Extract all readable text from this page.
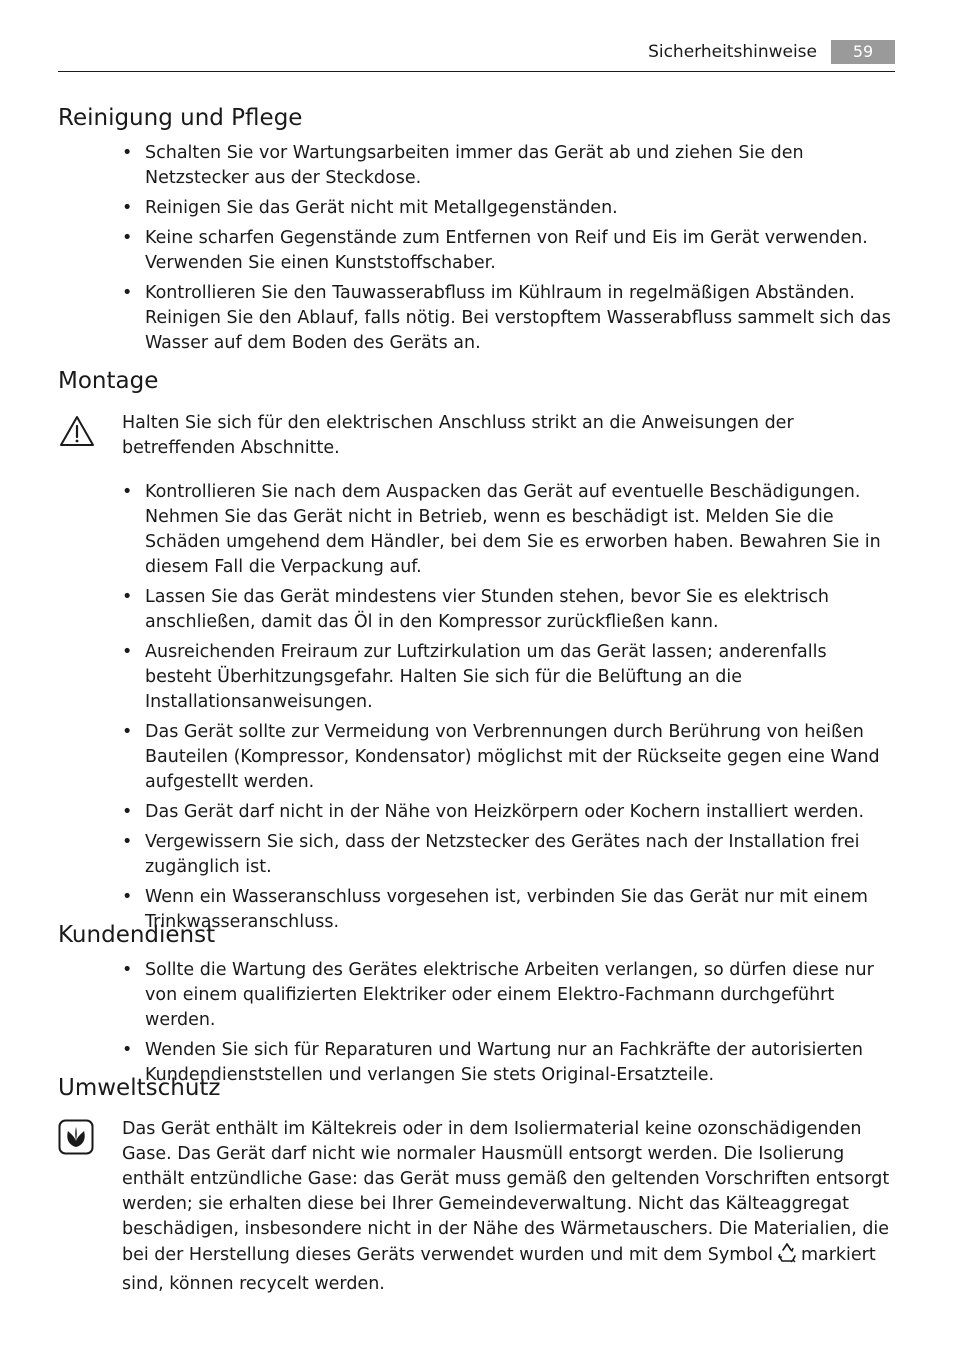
Sicherheitshinweise	59
Reinigung und Pflege
• Schalten Sie vor Wartungsarbeiten immer das Gerät ab und ziehen Sie den Netzstecker aus der Steckdose.
• Reinigen Sie das Gerät nicht mit Metallgegenständen.
• Keine scharfen Gegenstände zum Entfernen von Reif und Eis im Gerät verwenden. Verwenden Sie einen Kunststoffschaber.
• Kontrollieren Sie den Tauwasserabfluss im Kühlraum in regelmäßigen Abständen. Reinigen Sie den Ablauf, falls nötig. Bei verstopftem Wasserabfluss sammelt sich das Wasser auf dem Boden des Geräts an.
Montage
Halten Sie sich für den elektrischen Anschluss strikt an die Anweisungen der betreffenden Abschnitte.
• Kontrollieren Sie nach dem Auspacken das Gerät auf eventuelle Beschädigungen. Nehmen Sie das Gerät nicht in Betrieb, wenn es beschädigt ist. Melden Sie die Schäden umgehend dem Händler, bei dem Sie es erworben haben. Bewahren Sie in diesem Fall die Verpackung auf.
• Lassen Sie das Gerät mindestens vier Stunden stehen, bevor Sie es elektrisch anschließen, damit das Öl in den Kompressor zurückfließen kann.
• Ausreichenden Freiraum zur Luftzirkulation um das Gerät lassen; anderenfalls besteht Überhitzungsgefahr. Halten Sie sich für die Belüftung an die Installationsanweisungen.
• Das Gerät sollte zur Vermeidung von Verbrennungen durch Berührung von heißen Bauteilen (Kompressor, Kondensator) möglichst mit der Rückseite gegen eine Wand aufgestellt werden.
• Das Gerät darf nicht in der Nähe von Heizkörpern oder Kochern installiert werden.
• Vergewissern Sie sich, dass der Netzstecker des Gerätes nach der Installation frei zugänglich ist.
• Wenn ein Wasseranschluss vorgesehen ist, verbinden Sie das Gerät nur mit einem Trinkwasseranschluss.
Kundendienst
• Sollte die Wartung des Gerätes elektrische Arbeiten verlangen, so dürfen diese nur von einem qualifizierten Elektriker oder einem Elektro-Fachmann durchgeführt werden.
• Wenden Sie sich für Reparaturen und Wartung nur an Fachkräfte der autorisierten Kundendienststellen und verlangen Sie stets Original-Ersatzteile.
Umweltschutz
Das Gerät enthält im Kältekreis oder in dem Isoliermaterial keine ozonschädigenden Gase. Das Gerät darf nicht wie normaler Hausmüll entsorgt werden. Die Isolierung enthält entzündliche Gase: das Gerät muss gemäß den geltenden Vorschriften entsorgt werden; sie erhalten diese bei Ihrer Gemeindeverwaltung. Nicht das Kälteaggregat beschädigen, insbesondere nicht in der Nähe des Wärmetauschers. Die Materialien, die bei der Herstellung dieses Geräts verwendet wurden und mit dem Symbol markiert sind, können recycelt werden.
